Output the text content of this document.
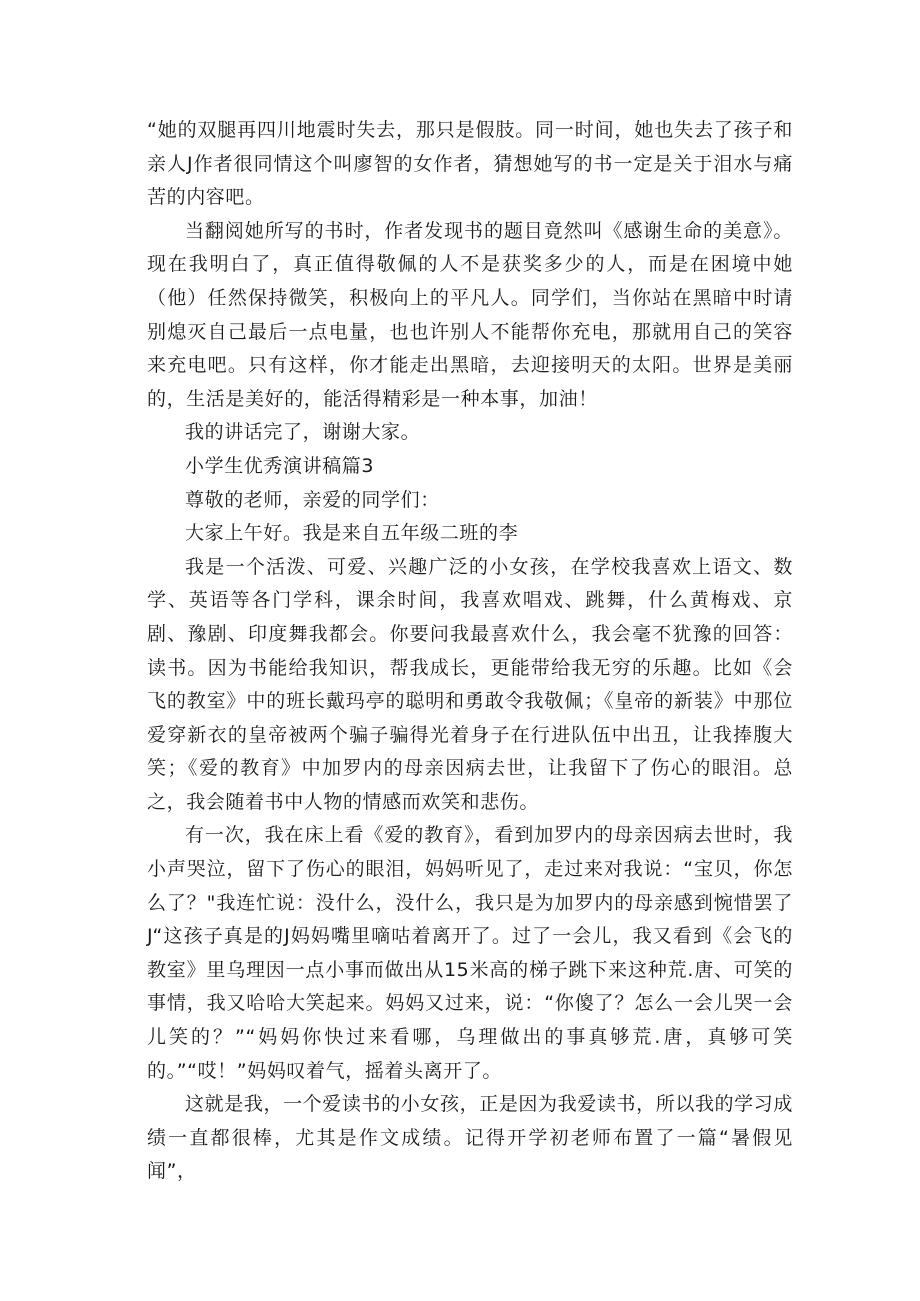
“她的双腿再四川地震时失去，那只是假肢。同一时间，她也失去了孩子和亲人J作者很同情这个叫廖智的女作者，猜想她写的书一定是关于泪水与痛苦的内容吧。

当翻阅她所写的书时，作者发现书的题目竟然叫《感谢生命的美意》。现在我明白了，真正值得敬佩的人不是获奖多少的人，而是在困境中她（他）任然保持微笑，积极向上的平凡人。同学们，当你站在黑暗中时请别熄灭自己最后一点电量，也也许别人不能帮你充电，那就用自己的笑容来充电吧。只有这样，你才能走出黑暗，去迎接明天的太阳。世界是美丽的，生活是美好的，能活得精彩是一种本事，加油！

我的讲话完了，谢谢大家。

小学生优秀演讲稿篇3

尊敬的老师，亲爱的同学们：

大家上午好。我是来自五年级二班的李

我是一个活泼、可爱、兴趣广泛的小女孩，在学校我喜欢上语文、数学、英语等各门学科，课余时间，我喜欢唱戏、跳舞，什么黄梅戏、京剧、豫剧、印度舞我都会。你要问我最喜欢什么，我会毫不犹豫的回答：读书。因为书能给我知识，帮我成长，更能带给我无穷的乐趣。比如《会飞的教室》中的班长戴玛亭的聪明和勇敢令我敬佩；《皇帝的新装》中那位爱穿新衣的皇帝被两个骗子骗得光着身子在行进队伍中出丑，让我捧腹大笑；《爱的教育》中加罗内的母亲因病去世，让我留下了伤心的眼泪。总之，我会随着书中人物的情感而欢笑和悲伤。

有一次，我在床上看《爱的教育》，看到加罗内的母亲因病去世时，我小声哭泣，留下了伤心的眼泪，妈妈听见了，走过来对我说：“宝贝，你怎么了？"我连忙说：没什么，没什么，我只是为加罗内的母亲感到惋惜罢了J“这孩子真是的J妈妈嘴里嘀咕着离开了。过了一会儿，我又看到《会飞的教室》里乌理因一点小事而做出从15米高的梯子跳下来这种荒.唐、可笑的事情，我又哈哈大笑起来。妈妈又过来，说：“你傻了？怎么一会儿哭一会儿笑的？”“妈妈你快过来看哪，乌理做出的事真够荒.唐，真够可笑的。”“哎！”妈妈叹着气，摇着头离开了。

这就是我，一个爱读书的小女孩，正是因为我爱读书，所以我的学习成绩一直都很棒，尤其是作文成绩。记得开学初老师布置了一篇“暑假见闻”，
